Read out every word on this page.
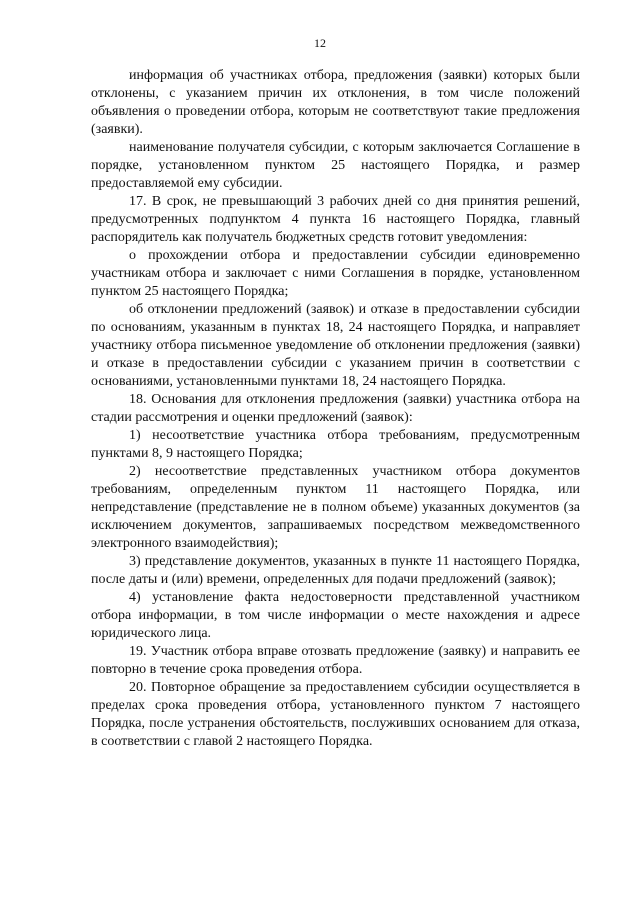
12

информация об участниках отбора, предложения (заявки) которых были отклонены, с указанием причин их отклонения, в том числе положений объявления о проведении отбора, которым не соответствуют такие предложения (заявки).

наименование получателя субсидии, с которым заключается Соглашение в порядке, установленном пунктом 25 настоящего Порядка, и размер предоставляемой ему субсидии.

17. В срок, не превышающий 3 рабочих дней со дня принятия решений, предусмотренных подпунктом 4 пункта 16 настоящего Порядка, главный распорядитель как получатель бюджетных средств готовит уведомления:

о прохождении отбора и предоставлении субсидии единовременно участникам отбора и заключает с ними Соглашения в порядке, установленном пунктом 25 настоящего Порядка;

об отклонении предложений (заявок) и отказе в предоставлении субсидии по основаниям, указанным в пунктах 18, 24 настоящего Порядка, и направляет участнику отбора письменное уведомление об отклонении предложения (заявки) и отказе в предоставлении субсидии с указанием причин в соответствии с основаниями, установленными пунктами 18, 24 настоящего Порядка.

18. Основания для отклонения предложения (заявки) участника отбора на стадии рассмотрения и оценки предложений (заявок):

1) несоответствие участника отбора требованиям, предусмотренным пунктами 8, 9 настоящего Порядка;

2) несоответствие представленных участником отбора документов требованиям, определенным пунктом 11 настоящего Порядка, или непредставление (представление не в полном объеме) указанных документов (за исключением документов, запрашиваемых посредством межведомственного электронного взаимодействия);

3) представление документов, указанных в пункте 11 настоящего Порядка, после даты и (или) времени, определенных для подачи предложений (заявок);

4) установление факта недостоверности представленной участником отбора информации, в том числе информации о месте нахождения и адресе юридического лица.

19. Участник отбора вправе отозвать предложение (заявку) и направить ее повторно в течение срока проведения отбора.

20. Повторное обращение за предоставлением субсидии осуществляется в пределах срока проведения отбора, установленного пунктом 7 настоящего Порядка, после устранения обстоятельств, послуживших основанием для отказа, в соответствии с главой 2 настоящего Порядка.
